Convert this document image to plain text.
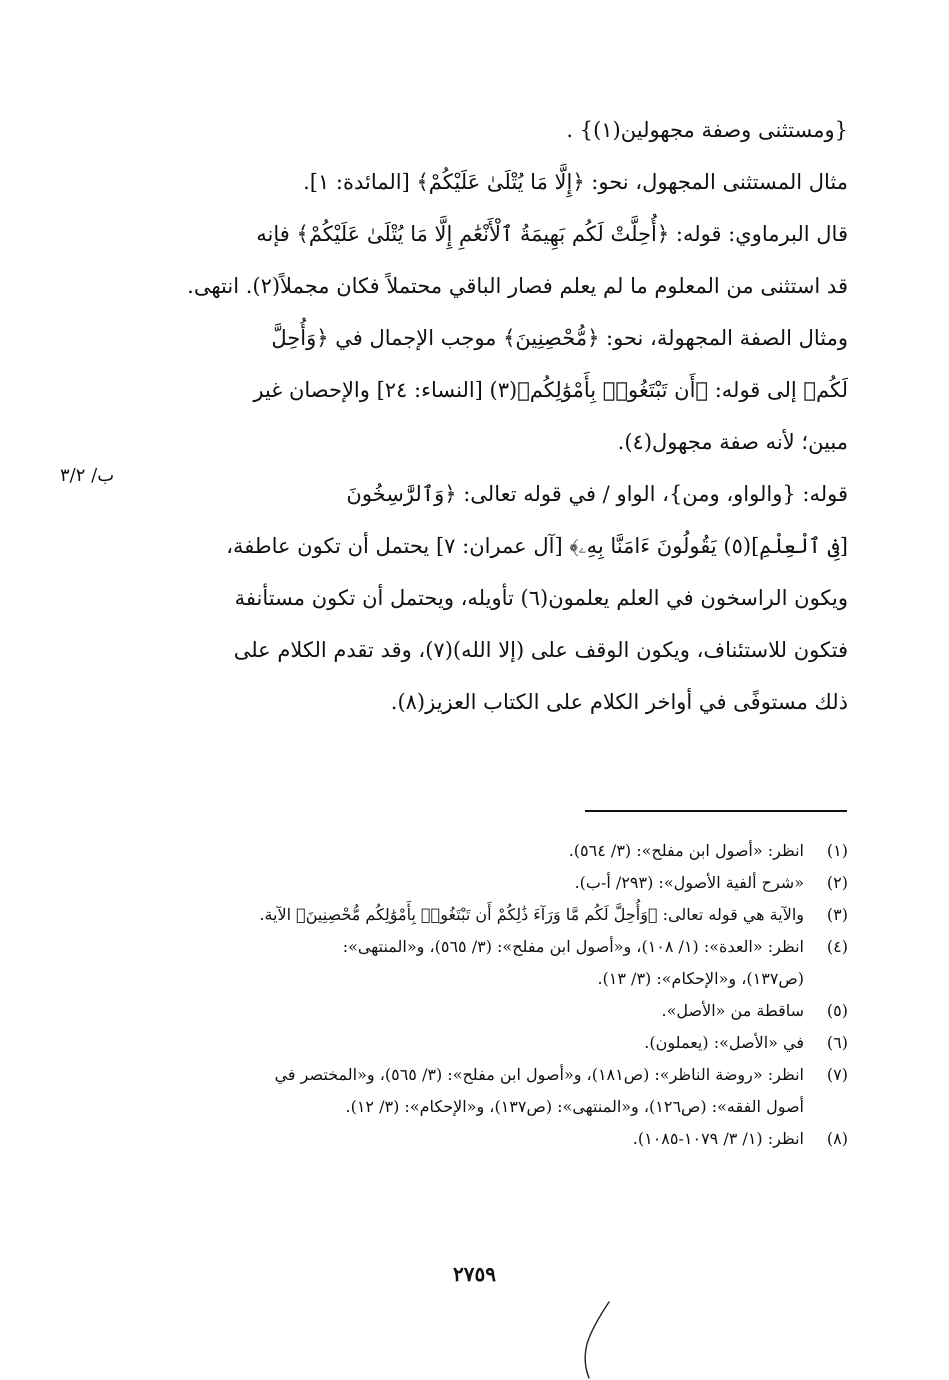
{ومستثنى وصفة مجهولين(١)} .
مثال المستثنى المجهول، نحو: ﴿إِلَّا مَا يُتْلَىٰ عَلَيْكُمْ﴾ [المائدة: ١].
قال البرماوي: قوله: ﴿أُحِلَّتْ لَكُم بَهِيمَةُ ٱلْأَنْعَٰمِ إِلَّا مَا يُتْلَىٰ عَلَيْكُمْ﴾ فإنه
قد استثنى من المعلوم ما لم يعلم فصار الباقي محتملاً فكان مجملاً(٢). انتهى.
ومثال الصفة المجهولة، نحو: ﴿مُّحْصِنِينَ﴾ موجب الإجمال في ﴿وَأُحِلَّ
لَكُم﴾ إلى قوله: ﴿أَن تَبْتَغُوا۟ بِأَمْوَٰلِكُم﴾(٣) [النساء: ٢٤] والإحصان غير
مبين؛ لأنه صفة مجهول(٤).
قوله: {والواو، ومن}، الواو / في قوله تعالى: ﴿وَٱلرَّٰسِخُونَ
[فِى ٱلْعِلْمِ](٥) يَقُولُونَ ءَامَنَّا بِهِۦ﴾ [آل عمران: ٧] يحتمل أن تكون عاطفة،
ويكون الراسخون في العلم يعلمون(٦) تأويله، ويحتمل أن تكون مستأنفة
فتكون للاستئناف، ويكون الوقف على (إلا الله)(٧)، وقد تقدم الكلام على
ذلك مستوفًى في أواخر الكلام على الكتاب العزيز(٨).
ب/ ٣/٢
(١)
انظر: «أصول ابن مفلح»: (٣/ ٥٦٤).
(٢)
«شرح ألفية الأصول»: (٢٩٣/ أ-ب).
(٣)
والآية هي قوله تعالى: ﴿وَأُحِلَّ لَكُم مَّا وَرَآءَ ذَٰلِكُمْ أَن تَبْتَغُوا۟ بِأَمْوَٰلِكُم مُّحْصِنِينَ﴾ الآية.
(٤)
انظر: «العدة»: (١/ ١٠٨)، و«أصول ابن مفلح»: (٣/ ٥٦٥)، و«المنتهى»:
(ص١٣٧)، و«الإحكام»: (٣/ ١٣).
(٥)
ساقطة من «الأصل».
(٦)
في «الأصل»: (يعملون).
(٧)
انظر: «روضة الناظر»: (ص١٨١)، و«أصول ابن مفلح»: (٣/ ٥٦٥)، و«المختصر في
أصول الفقه»: (ص١٢٦)، و«المنتهى»: (ص١٣٧)، و«الإحكام»: (٣/ ١٢).
(٨)
انظر: (١/ ٣/ ١٠٧٩-١٠٨٥).
٢٧٥٩
